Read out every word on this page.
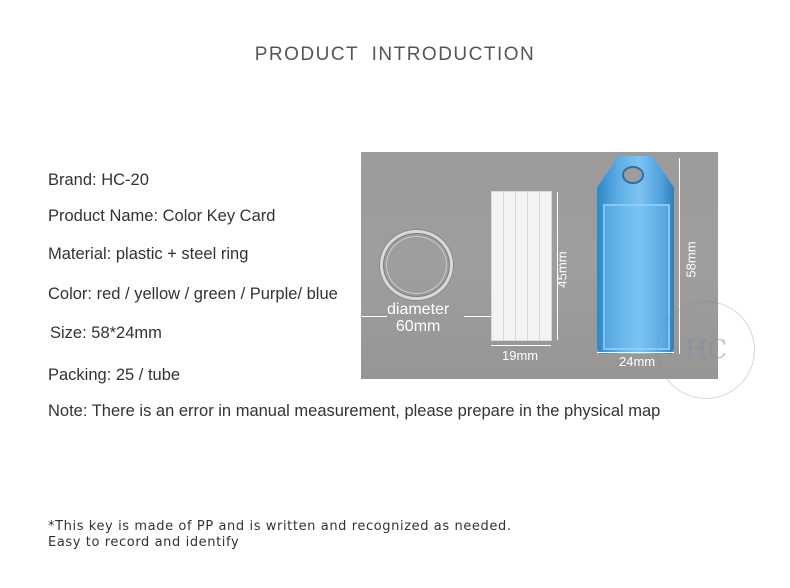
PRODUCT INTRODUCTION
Brand: HC-20
Product Name: Color Key Card
Material: plastic + steel ring
Color: red / yellow / green / Purple/ blue
Size: 58*24mm
Packing: 25 / tube
Note: There is an error in manual measurement, please prepare in the physical map
diameter
60mm
45mm
19mm
58mm
24mm	HC
*This key is made of PP and is written and recognized as needed.
Easy to record and identify
